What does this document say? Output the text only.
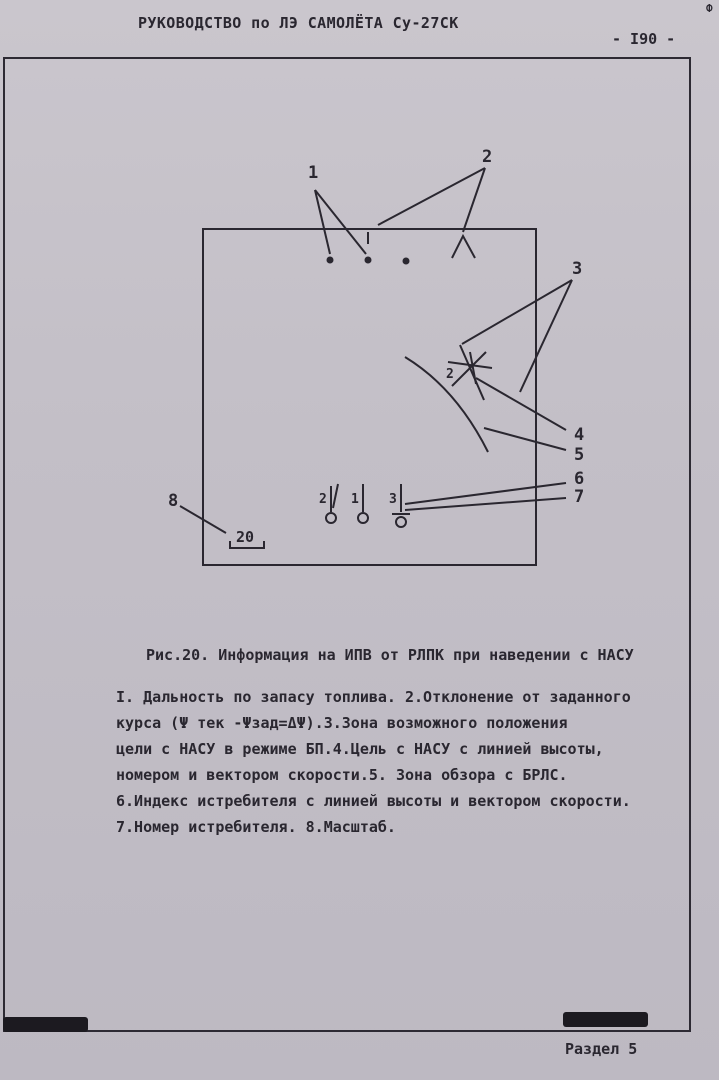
РУКОВОДСТВО по ЛЭ САМОЛЁТА Су-27СК
- I90 -
Ф
1
2
3
4
5
6
7
8
2
2 1 3
20
Рис.20. Информация на ИПВ от РЛПК при наведении с НАСУ
I. Дальность по запасу топлива. 2.Отклонение от заданного
курса (Ψ тек -Ψзад=ΔΨ).3.Зона возможного положения
цели с НАСУ в режиме БП.4.Цель с НАСУ с линией высоты,
номером и вектором скорости.5. Зона обзора с БРЛС.
6.Индекс истребителя с линией высоты и вектором скорости.
7.Номер истребителя. 8.Масштаб.
Раздел 5
